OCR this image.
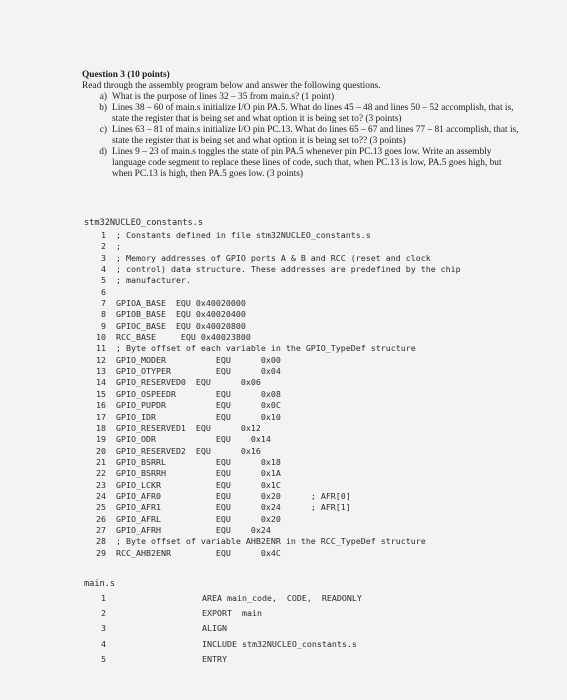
Question 3 (10 points)
Read through the assembly program below and answer the following questions.
a) What is the purpose of lines 32 – 35 from main.s? (1 point)
b) Lines 38 – 60 of main.s initialize I/O pin PA.5. What do lines 45 – 48 and lines 50 – 52 accomplish, that is, state the register that is being set and what option it is being set to? (3 points)
c) Lines 63 – 81 of main.s initialize I/O pin PC.13. What do lines 65 – 67 and lines 77 – 81 accomplish, that is, state the register that is being set and what option it is being set to?? (3 points)
d) Lines 9 – 23 of main.s toggles the state of pin PA.5 whenever pin PC.13 goes low. Write an assembly language code segment to replace these lines of code, such that, when PC.13 is low, PA.5 goes high, but when PC.13 is high, then PA.5 goes low. (3 points)
stm32NUCLEO_constants.s
1	; Constants defined in file stm32NUCLEO_constants.s
2	;
3	; Memory addresses of GPIO ports A & B and RCC (reset and clock
4	; control) data structure. These addresses are predefined by the chip
5	; manufacturer.
6
7	GPIOA_BASE  EQU 0x40020000
8	GPIOB_BASE  EQU 0x40020400
9	GPIOC_BASE  EQU 0x40020800
10	RCC_BASE     EQU 0x40023800
11	; Byte offset of each variable in the GPIO_TypeDef structure
12	GPIO_MODER          EQU      0x00
13	GPIO_OTYPER         EQU      0x04
14	GPIO_RESERVED0  EQU      0x06
15	GPIO_OSPEEDR        EQU      0x08
16	GPIO_PUPDR          EQU      0x0C
17	GPIO_IDR            EQU      0x10
18	GPIO_RESERVED1  EQU      0x12
19	GPIO_ODR            EQU    0x14
20	GPIO_RESERVED2  EQU      0x16
21	GPIO_BSRRL          EQU      0x18
22	GPIO_BSRRH          EQU      0x1A
23	GPIO_LCKR           EQU      0x1C
24	GPIO_AFR0           EQU      0x20	; AFR[0]
25	GPIO_AFR1           EQU      0x24	; AFR[1]
26	GPIO_AFRL           EQU      0x20
27	GPIO_AFRH           EQU    0x24
28	; Byte offset of variable AHB2ENR in the RCC_TypeDef structure
29	RCC_AHB2ENR         EQU      0x4C
main.s
1	AREA main_code,  CODE,  READONLY
2	EXPORT  main
3	ALIGN
4	INCLUDE stm32NUCLEO_constants.s
5	ENTRY
